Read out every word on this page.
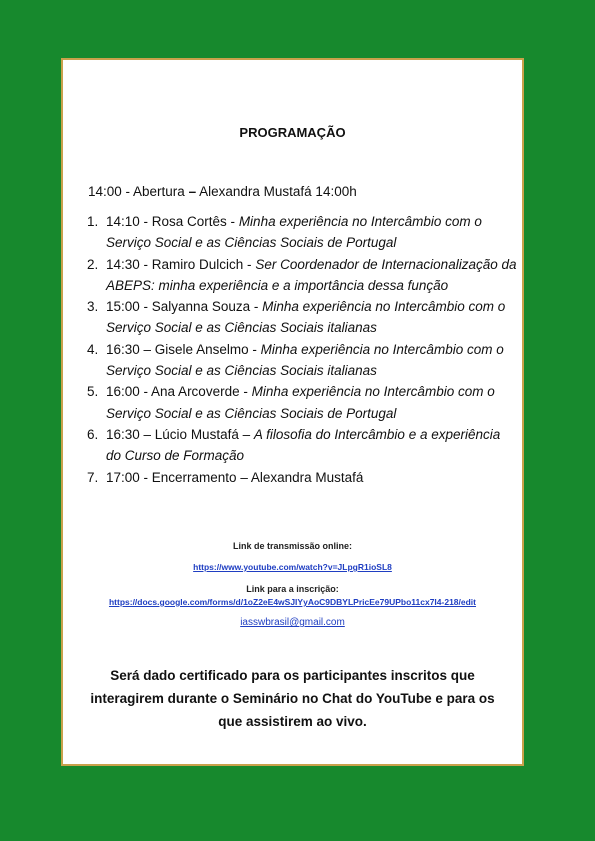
PROGRAMAÇÃO
14:00 - Abertura – Alexandra Mustafá 14:00h
1. 14:10 - Rosa Cortês - Minha experiência no Intercâmbio com o Serviço Social e as Ciências Sociais de Portugal
2. 14:30 - Ramiro Dulcich - Ser Coordenador de Internacionalização da ABEPS: minha experiência e a importância dessa função
3. 15:00 - Salyanna Souza - Minha experiência no Intercâmbio com o Serviço Social e as Ciências Sociais italianas
4. 16:30 – Gisele Anselmo - Minha experiência no Intercâmbio com o Serviço Social e as Ciências Sociais italianas
5. 16:00 - Ana Arcoverde - Minha experiência no Intercâmbio com o Serviço Social e as Ciências Sociais de Portugal
6. 16:30 – Lúcio Mustafá – A filosofia do Intercâmbio e a experiência do Curso de Formação
7. 17:00 - Encerramento – Alexandra Mustafá
Link de transmissão online:
https://www.youtube.com/watch?v=JLpgR1ioSL8
Link para a inscrição:
https://docs.google.com/forms/d/1oZ2eE4wSJlYyAoC9DBYLPricEe79UPbo11cx7I4-218/edit
iasswbrasil@gmail.com
Será dado certificado para os participantes inscritos que interagirem durante o Seminário no Chat do YouTube e para os que assistirem ao vivo.
